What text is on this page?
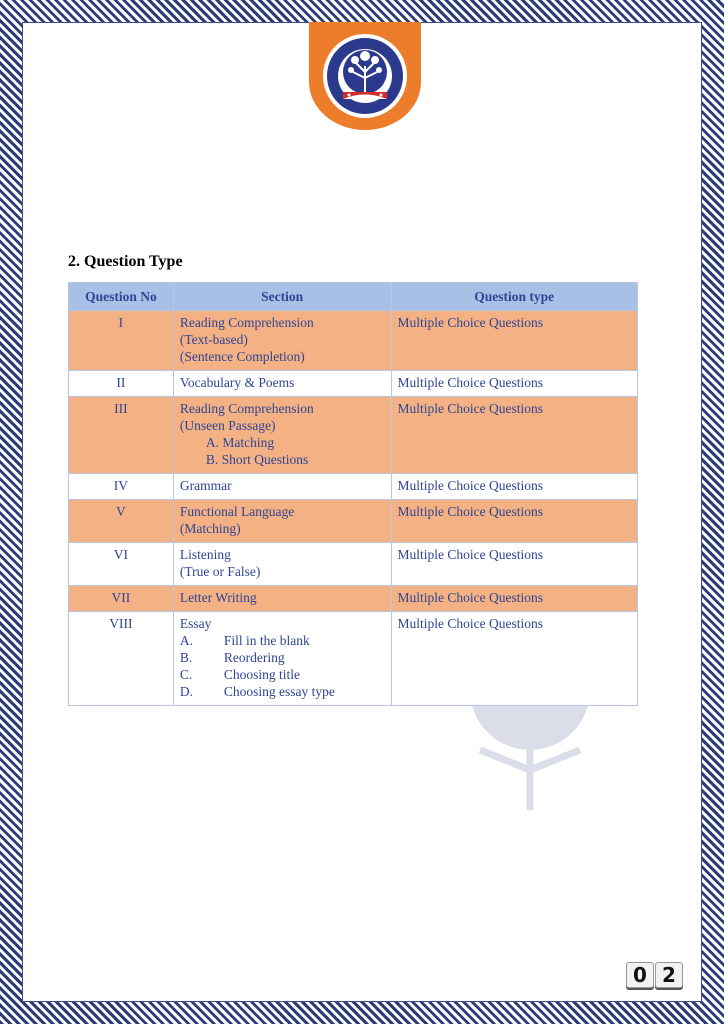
2. Question Type
Question No	Section	Question type
I	Reading Comprehension
(Text-based)
(Sentence Completion)	Multiple Choice Questions
II	Vocabulary & Poems	Multiple Choice Questions
III	Reading Comprehension
(Unseen Passage)
A. Matching
B. Short Questions	Multiple Choice Questions
IV	Grammar	Multiple Choice Questions
V	Functional Language
(Matching)	Multiple Choice Questions
VI	Listening
(True or False)	Multiple Choice Questions
VII	Letter Writing	Multiple Choice Questions
VIII	Essay
A. Fill in the blank
B. Reordering
C. Choosing title
D. Choosing essay type	Multiple Choice Questions
0 2
